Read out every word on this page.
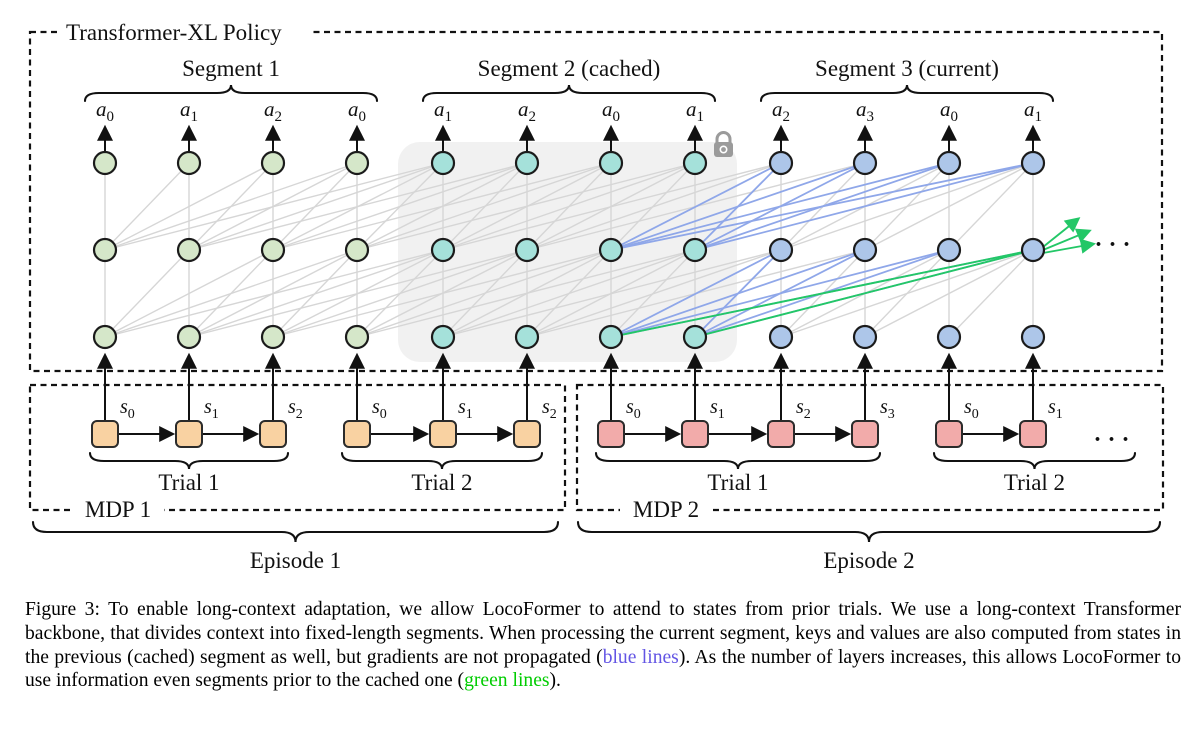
$a_0$	$a_1$	$a_2$	$a_0$
Segment 1
$a_1$	$a_2$	$a_0$	$a_1$
Segment 2 (cached)
$a_2$	$a_3$	$a_0$	$a_1$
Segment 3 (current)
Transformer-XL Policy
. . .
$s_0$	$s_1$	$s_2$
Trial 1
$s_0$	$s_1$	$s_2$
Trial 2
MDP 1
Episode 1
$s_0$	$s_1$	$s_2$	$s_3$
Trial 1
$s_0$	$s_1$
. . .
Trial 2
MDP 2
Episode 2

Figure 3: To enable long-context adaptation, we allow LocoFormer to attend to states from prior trials. We use a long-context Transformer backbone, that divides context into fixed-length segments. When processing the current segment, keys and values are also computed from states in the previous (cached) segment as well, but gradients are not propagated (blue lines). As the number of layers increases, this allows LocoFormer to use information even segments prior to the cached one (green lines).
